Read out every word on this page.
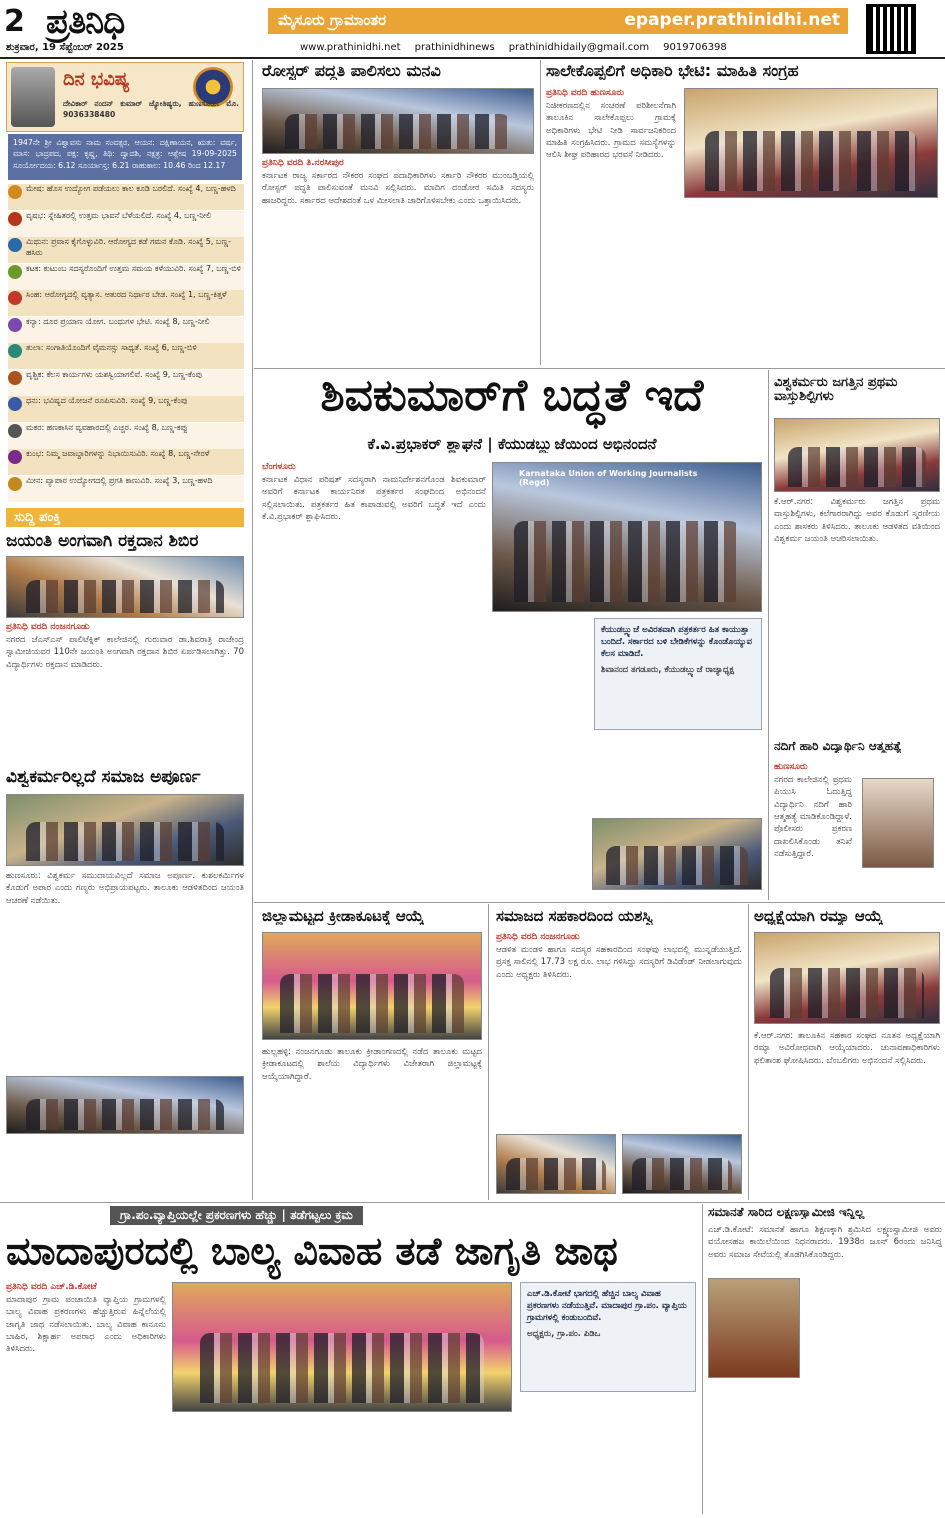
2 ಪ್ರತಿನಿಧಿ	ಮೈಸೂರು ಗ್ರಾಮಾಂತರ	epaper.prathinidhi.net
ಶುಕ್ರವಾರ, 19 ಸೆಪ್ಟೆಂಬರ್ 2025	www.prathinidhi.net prathinidhinews prathinidhidaily@gmail.com 9019706398
ದಿನ ಭವಿಷ್ಯ
ದೇವಿಕಾರ್ ನಂದನ್ ಕುಮಾರ್ ಜ್ಯೋತಿಷ್ಯರು, ಹುಣಸೂರು. ಮೊ. 9036338480
1947ನೇ ಶ್ರೀ ವಿಶ್ವಾವಸು ನಾಮ ಸಂವತ್ಸರ, ಆಯನ: ದಕ್ಷಿಣಾಯನ, ಋತು: ವರ್ಷ, ಮಾಸ: ಭಾದ್ರಪದ, ಪಕ್ಷ: ಕೃಷ್ಣ, ತಿಥಿ: ದ್ವಾದಶಿ, ನಕ್ಷತ್ರ: ಆಶ್ಲೇಷ 19-09-2025 ಸೂರ್ಯೋದಯ: 6.12 ಸೂರ್ಯಾಸ್ತ: 6.21 ರಾಹುಕಾಲ: 10.46 ರಿಂದ 12.17
ಮೇಷ: ಹೊಸ ಉದ್ಯೋಗ ಪಡೆಯಲು ಕಾಲ ಕೂಡಿ ಬರಲಿದೆ. ಸಂಖ್ಯೆ 4, ಬಣ್ಣ-ಹಳದಿ
ವೃಷಭ: ಸ್ನೇಹಿತರಲ್ಲಿ ಉತ್ತಮ ಭಾವನೆ ಬೆಳೆಯಲಿದೆ. ಸಂಖ್ಯೆ 4, ಬಣ್ಣ-ನೀಲಿ
ಮಿಥುನ: ಪ್ರವಾಸ ಕೈಗೊಳ್ಳುವಿರಿ. ಆರೋಗ್ಯದ ಕಡೆ ಗಮನ ಕೊಡಿ. ಸಂಖ್ಯೆ 5, ಬಣ್ಣ-ಹಸಿರು
ಕಟಕ: ಕುಟುಂಬ ಸದಸ್ಯರೊಂದಿಗೆ ಉತ್ತಮ ಸಮಯ ಕಳೆಯುವಿರಿ. ಸಂಖ್ಯೆ 7, ಬಣ್ಣ-ಬಿಳಿ
ಸಿಂಹ: ಆರೋಗ್ಯದಲ್ಲಿ ವ್ಯತ್ಯಾಸ. ಆತುರದ ನಿರ್ಧಾರ ಬೇಡ. ಸಂಖ್ಯೆ 1, ಬಣ್ಣ-ಕಿತ್ತಳೆ
ಕನ್ಯಾ: ದೂರ ಪ್ರಯಾಣ ಯೋಗ. ಬಂಧುಗಳ ಭೇಟಿ. ಸಂಖ್ಯೆ 8, ಬಣ್ಣ-ನೀಲಿ
ತುಲಾ: ಸಂಗಾತಿಯೊಂದಿಗೆ ವೈಮನಸ್ಸು ಸಾಧ್ಯತೆ. ಸಂಖ್ಯೆ 6, ಬಣ್ಣ-ಬಿಳಿ
ವೃಶ್ಚಿಕ: ಕೆಲಸ ಕಾರ್ಯಗಳು ಯಶಸ್ವಿಯಾಗಲಿವೆ. ಸಂಖ್ಯೆ 9, ಬಣ್ಣ-ಕೆಂಪು
ಧನು: ಭವಿಷ್ಯದ ಯೋಜನೆ ರೂಪಿಸುವಿರಿ. ಸಂಖ್ಯೆ 9, ಬಣ್ಣ-ಕೆಂಪು
ಮಕರ: ಹಣಕಾಸಿನ ವ್ಯವಹಾರದಲ್ಲಿ ಎಚ್ಚರ. ಸಂಖ್ಯೆ 8, ಬಣ್ಣ-ಕಪ್ಪು
ಕುಂಭ: ನಿಮ್ಮ ಜವಾಬ್ದಾರಿಗಳನ್ನು ನಿಭಾಯಿಸುವಿರಿ. ಸಂಖ್ಯೆ 8, ಬಣ್ಣ-ನೇರಳೆ
ಮೀನ: ವ್ಯಾಪಾರ ಉದ್ಯೋಗದಲ್ಲಿ ಪ್ರಗತಿ ಕಾಣುವಿರಿ. ಸಂಖ್ಯೆ 3, ಬಣ್ಣ-ಹಳದಿ
ಸುದ್ದಿ ಪಂಕ್ತಿ
ಜಯಂತಿ ಅಂಗವಾಗಿ ರಕ್ತದಾನ ಶಿಬಿರ
ಪ್ರತಿನಿಧಿ ವರದಿ ನಂಜನಗೂಡು
ನಗರದ ಜೆಎಸ್ಎಸ್ ಪಾಲಿಟೆಕ್ನಿಕ್ ಕಾಲೇಜಿನಲ್ಲಿ ಗುರುವಾರ ಡಾ.ಶಿವರಾತ್ರಿ ರಾಜೇಂದ್ರ ಸ್ವಾಮೀಜಿಯವರ 110ನೇ ಜಯಂತಿ ಅಂಗವಾಗಿ ರಕ್ತದಾನ ಶಿಬಿರ ಏರ್ಪಡಿಸಲಾಗಿತ್ತು. 70 ವಿದ್ಯಾರ್ಥಿಗಳು ರಕ್ತದಾನ ಮಾಡಿದರು.
ವಿಶ್ವಕರ್ಮರಿಲ್ಲದೆ ಸಮಾಜ ಅಪೂರ್ಣ
ಹುಣಸೂರು: ವಿಶ್ವಕರ್ಮ ಸಮುದಾಯವಿಲ್ಲದೆ ಸಮಾಜ ಅಪೂರ್ಣ. ಕುಶಲಕರ್ಮಿಗಳ ಕೊಡುಗೆ ಅಪಾರ ಎಂದು ಗಣ್ಯರು ಅಭಿಪ್ರಾಯಪಟ್ಟರು. ತಾಲೂಕು ಆಡಳಿತದಿಂದ ಜಯಂತಿ ಆಚರಣೆ ನಡೆಯಿತು.
ರೋಸ್ಟರ್ ಪದ್ಧತಿ ಪಾಲಿಸಲು ಮನವಿ
ಪ್ರತಿನಿಧಿ ವರದಿ ತಿ.ನರಸೀಪುರ
ಕರ್ನಾಟಕ ರಾಜ್ಯ ಸರ್ಕಾರದ ನೌಕರರ ಸಂಘದ ಪದಾಧಿಕಾರಿಗಳು ಸರ್ಕಾರಿ ನೌಕರರ ಮುಂಬಡ್ತಿಯಲ್ಲಿ ರೋಸ್ಟರ್ ಪದ್ಧತಿ ಪಾಲಿಸುವಂತೆ ಮನವಿ ಸಲ್ಲಿಸಿದರು. ಮಾದಿಗ ದಂಡೋರ ಸಮಿತಿ ಸದಸ್ಯರು ಹಾಜರಿದ್ದರು. ಸರ್ಕಾರದ ಆದೇಶದಂತೆ ಒಳ ಮೀಸಲಾತಿ ಜಾರಿಗೊಳಿಸಬೇಕು ಎಂದು ಒತ್ತಾಯಿಸಿದರು.
ಸಾಲೇಕೊಪ್ಪಲಿಗೆ ಅಧಿಕಾರಿ ಭೇಟಿ: ಮಾಹಿತಿ ಸಂಗ್ರಹ
ಪ್ರತಿನಿಧಿ ವರದಿ ಹುಣಸೂರು
ನಿಜೀಕರಣದಲ್ಲಿನ ಸಂಚರಣೆ ಪರಿಶೀಲನೆಗಾಗಿ ತಾಲೂಕಿನ ಸಾಲೇಕೊಪ್ಪಲು ಗ್ರಾಮಕ್ಕೆ ಅಧಿಕಾರಿಗಳು ಭೇಟಿ ನೀಡಿ ಸಾರ್ವಜನಿಕರಿಂದ ಮಾಹಿತಿ ಸಂಗ್ರಹಿಸಿದರು. ಗ್ರಾಮದ ಸಮಸ್ಯೆಗಳನ್ನು ಆಲಿಸಿ ಶೀಘ್ರ ಪರಿಹಾರದ ಭರವಸೆ ನೀಡಿದರು.
ಶಿವಕುಮಾರ್‌ಗೆ ಬದ್ಧತೆ ಇದೆ
ಕೆ.ವಿ.ಪ್ರಭಾಕರ್ ಶ್ಲಾಘನೆ | ಕೆಯುಡಬ್ಲ್ಯುಜೆಯಿಂದ ಅಭಿನಂದನೆ
ಬೆಂಗಳೂರು
ಕರ್ನಾಟಕ ವಿಧಾನ ಪರಿಷತ್ ಸದಸ್ಯರಾಗಿ ನಾಮನಿರ್ದೇಶನಗೊಂಡ ಶಿವಕುಮಾರ್ ಅವರಿಗೆ ಕರ್ನಾಟಕ ಕಾರ್ಯನಿರತ ಪತ್ರಕರ್ತರ ಸಂಘದಿಂದ ಅಭಿನಂದನೆ ಸಲ್ಲಿಸಲಾಯಿತು. ಪತ್ರಕರ್ತರ ಹಿತ ಕಾಪಾಡುವಲ್ಲಿ ಅವರಿಗೆ ಬದ್ಧತೆ ಇದೆ ಎಂದು ಕೆ.ವಿ.ಪ್ರಭಾಕರ್ ಶ್ಲಾಘಿಸಿದರು.
Karnataka Union of Working Journalists (Regd)
ಕೆಯುಡಬ್ಲ್ಯುಜೆ ಅವಿರತವಾಗಿ ಪತ್ರಕರ್ತರ ಹಿತ ಕಾಯುತ್ತಾ ಬಂದಿದೆ. ಸರ್ಕಾರದ ಬಳಿ ಬೇಡಿಕೆಗಳನ್ನು ಕೊಂಡೊಯ್ಯುವ ಕೆಲಸ ಮಾಡಿದೆ.
ಶಿವಾನಂದ ತಗಡೂರು, ಕೆಯುಡಬ್ಲ್ಯುಜೆ ರಾಜ್ಯಾಧ್ಯಕ್ಷ
ವಿಶ್ವಕರ್ಮರು ಜಗತ್ತಿನ ಪ್ರಥಮ ವಾಸ್ತುಶಿಲ್ಪಿಗಳು
ಕೆ.ಆರ್.ನಗರ: ವಿಶ್ವಕರ್ಮರು ಜಗತ್ತಿನ ಪ್ರಥಮ ವಾಸ್ತುಶಿಲ್ಪಿಗಳು, ಕಲೆಗಾರರಾಗಿದ್ದು ಅವರ ಕೊಡುಗೆ ಸ್ಮರಣೀಯ ಎಂದು ಶಾಸಕರು ತಿಳಿಸಿದರು. ತಾಲೂಕು ಆಡಳಿತದ ವತಿಯಿಂದ ವಿಶ್ವಕರ್ಮ ಜಯಂತಿ ಆಚರಿಸಲಾಯಿತು.
ನದಿಗೆ ಹಾರಿ ವಿದ್ಯಾರ್ಥಿನಿ ಆತ್ಮಹತ್ಯೆ
ಹುಣಸೂರು
ನಗರದ ಕಾಲೇಜಿನಲ್ಲಿ ಪ್ರಥಮ ಪಿಯುಸಿ ಓದುತ್ತಿದ್ದ ವಿದ್ಯಾರ್ಥಿನಿ ನದಿಗೆ ಹಾರಿ ಆತ್ಮಹತ್ಯೆ ಮಾಡಿಕೊಂಡಿದ್ದಾಳೆ. ಪೊಲೀಸರು ಪ್ರಕರಣ ದಾಖಲಿಸಿಕೊಂಡು ತನಿಖೆ ನಡೆಸುತ್ತಿದ್ದಾರೆ.
ಜಿಲ್ಲಾಮಟ್ಟದ ಕ್ರೀಡಾಕೂಟಕ್ಕೆ ಆಯ್ಕೆ
ಹುಲ್ಲಹಳ್ಳಿ: ನಂಜನಗೂಡು ತಾಲೂಕು ಕ್ರೀಡಾಂಗಣದಲ್ಲಿ ನಡೆದ ತಾಲೂಕು ಮಟ್ಟದ ಕ್ರೀಡಾಕೂಟದಲ್ಲಿ ಶಾಲೆಯ ವಿದ್ಯಾರ್ಥಿಗಳು ವಿಜೇತರಾಗಿ ಜಿಲ್ಲಾಮಟ್ಟಕ್ಕೆ ಆಯ್ಕೆಯಾಗಿದ್ದಾರೆ.
ಸಮಾಜದ ಸಹಕಾರದಿಂದ ಯಶಸ್ವಿ
ಪ್ರತಿನಿಧಿ ವರದಿ ನಂಜನಗೂಡು
ಆಡಳಿತ ಮಂಡಳಿ ಹಾಗೂ ಸದಸ್ಯರ ಸಹಕಾರದಿಂದ ಸಂಘವು ಲಾಭದಲ್ಲಿ ಮುನ್ನಡೆಯುತ್ತಿದೆ. ಪ್ರಸಕ್ತ ಸಾಲಿನಲ್ಲಿ 17.73 ಲಕ್ಷ ರೂ. ಲಾಭ ಗಳಿಸಿದ್ದು ಸದಸ್ಯರಿಗೆ ಡಿವಿಡೆಂಡ್ ನೀಡಲಾಗುವುದು ಎಂದು ಅಧ್ಯಕ್ಷರು ತಿಳಿಸಿದರು.
ಅಧ್ಯಕ್ಷೆಯಾಗಿ ರಮ್ಯಾ ಆಯ್ಕೆ
ಕೆ.ಆರ್.ನಗರ: ತಾಲೂಕಿನ ಸಹಕಾರ ಸಂಘದ ನೂತನ ಅಧ್ಯಕ್ಷೆಯಾಗಿ ರಮ್ಯಾ ಅವಿರೋಧವಾಗಿ ಆಯ್ಕೆಯಾದರು. ಚುನಾವಣಾಧಿಕಾರಿಗಳು ಫಲಿತಾಂಶ ಘೋಷಿಸಿದರು. ಬೆಂಬಲಿಗರು ಅಭಿನಂದನೆ ಸಲ್ಲಿಸಿದರು.
ಗ್ರಾ.ಪಂ.ವ್ಯಾಪ್ತಿಯಲ್ಲೇ ಪ್ರಕರಣಗಳು ಹೆಚ್ಚು | ತಡೆಗಟ್ಟಲು ಕ್ರಮ
ಮಾದಾಪುರದಲ್ಲಿ ಬಾಲ್ಯ ವಿವಾಹ ತಡೆ ಜಾಗೃತಿ ಜಾಥ
ಪ್ರತಿನಿಧಿ ವರದಿ ಎಚ್.ಡಿ.ಕೋಟೆ
ಮಾದಾಪುರ ಗ್ರಾಮ ಪಂಚಾಯಿತಿ ವ್ಯಾಪ್ತಿಯ ಗ್ರಾಮಗಳಲ್ಲಿ ಬಾಲ್ಯ ವಿವಾಹ ಪ್ರಕರಣಗಳು ಹೆಚ್ಚುತ್ತಿರುವ ಹಿನ್ನೆಲೆಯಲ್ಲಿ ಜಾಗೃತಿ ಜಾಥ ನಡೆಸಲಾಯಿತು. ಬಾಲ್ಯ ವಿವಾಹ ಕಾನೂನು ಬಾಹಿರ, ಶಿಕ್ಷಾರ್ಹ ಅಪರಾಧ ಎಂದು ಅಧಿಕಾರಿಗಳು ತಿಳಿಸಿದರು.
ಎಚ್.ಡಿ.ಕೋಟೆ ಭಾಗದಲ್ಲಿ ಹೆಚ್ಚಿನ ಬಾಲ್ಯ ವಿವಾಹ ಪ್ರಕರಣಗಳು ನಡೆಯುತ್ತಿವೆ. ಮಾದಾಪುರ ಗ್ರಾ.ಪಂ. ವ್ಯಾಪ್ತಿಯ ಗ್ರಾಮಗಳಲ್ಲಿ ಕಂಡುಬಂದಿವೆ.
ಅಧ್ಯಕ್ಷರು, ಗ್ರಾ.ಪಂ. ಪಿಡಿಒ
ಸಮಾನತೆ ಸಾರಿದ ಲಕ್ಷ್ಮಣಸ್ವಾಮೀಜಿ ಇನ್ನಿಲ್ಲ
ಎಚ್.ಡಿ.ಕೋಟೆ: ಸಮಾನತೆ ಹಾಗೂ ಶಿಕ್ಷಣಕ್ಕಾಗಿ ಶ್ರಮಿಸಿದ ಲಕ್ಷ್ಮಣಸ್ವಾಮೀಜಿ ಅವರು ವಯೋಸಹಜ ಕಾಯಿಲೆಯಿಂದ ನಿಧನರಾದರು. 1938ರ ಜೂನ್ 6ರಂದು ಜನಿಸಿದ್ದ ಅವರು ಸಮಾಜ ಸೇವೆಯಲ್ಲಿ ತೊಡಗಿಸಿಕೊಂಡಿದ್ದರು.
